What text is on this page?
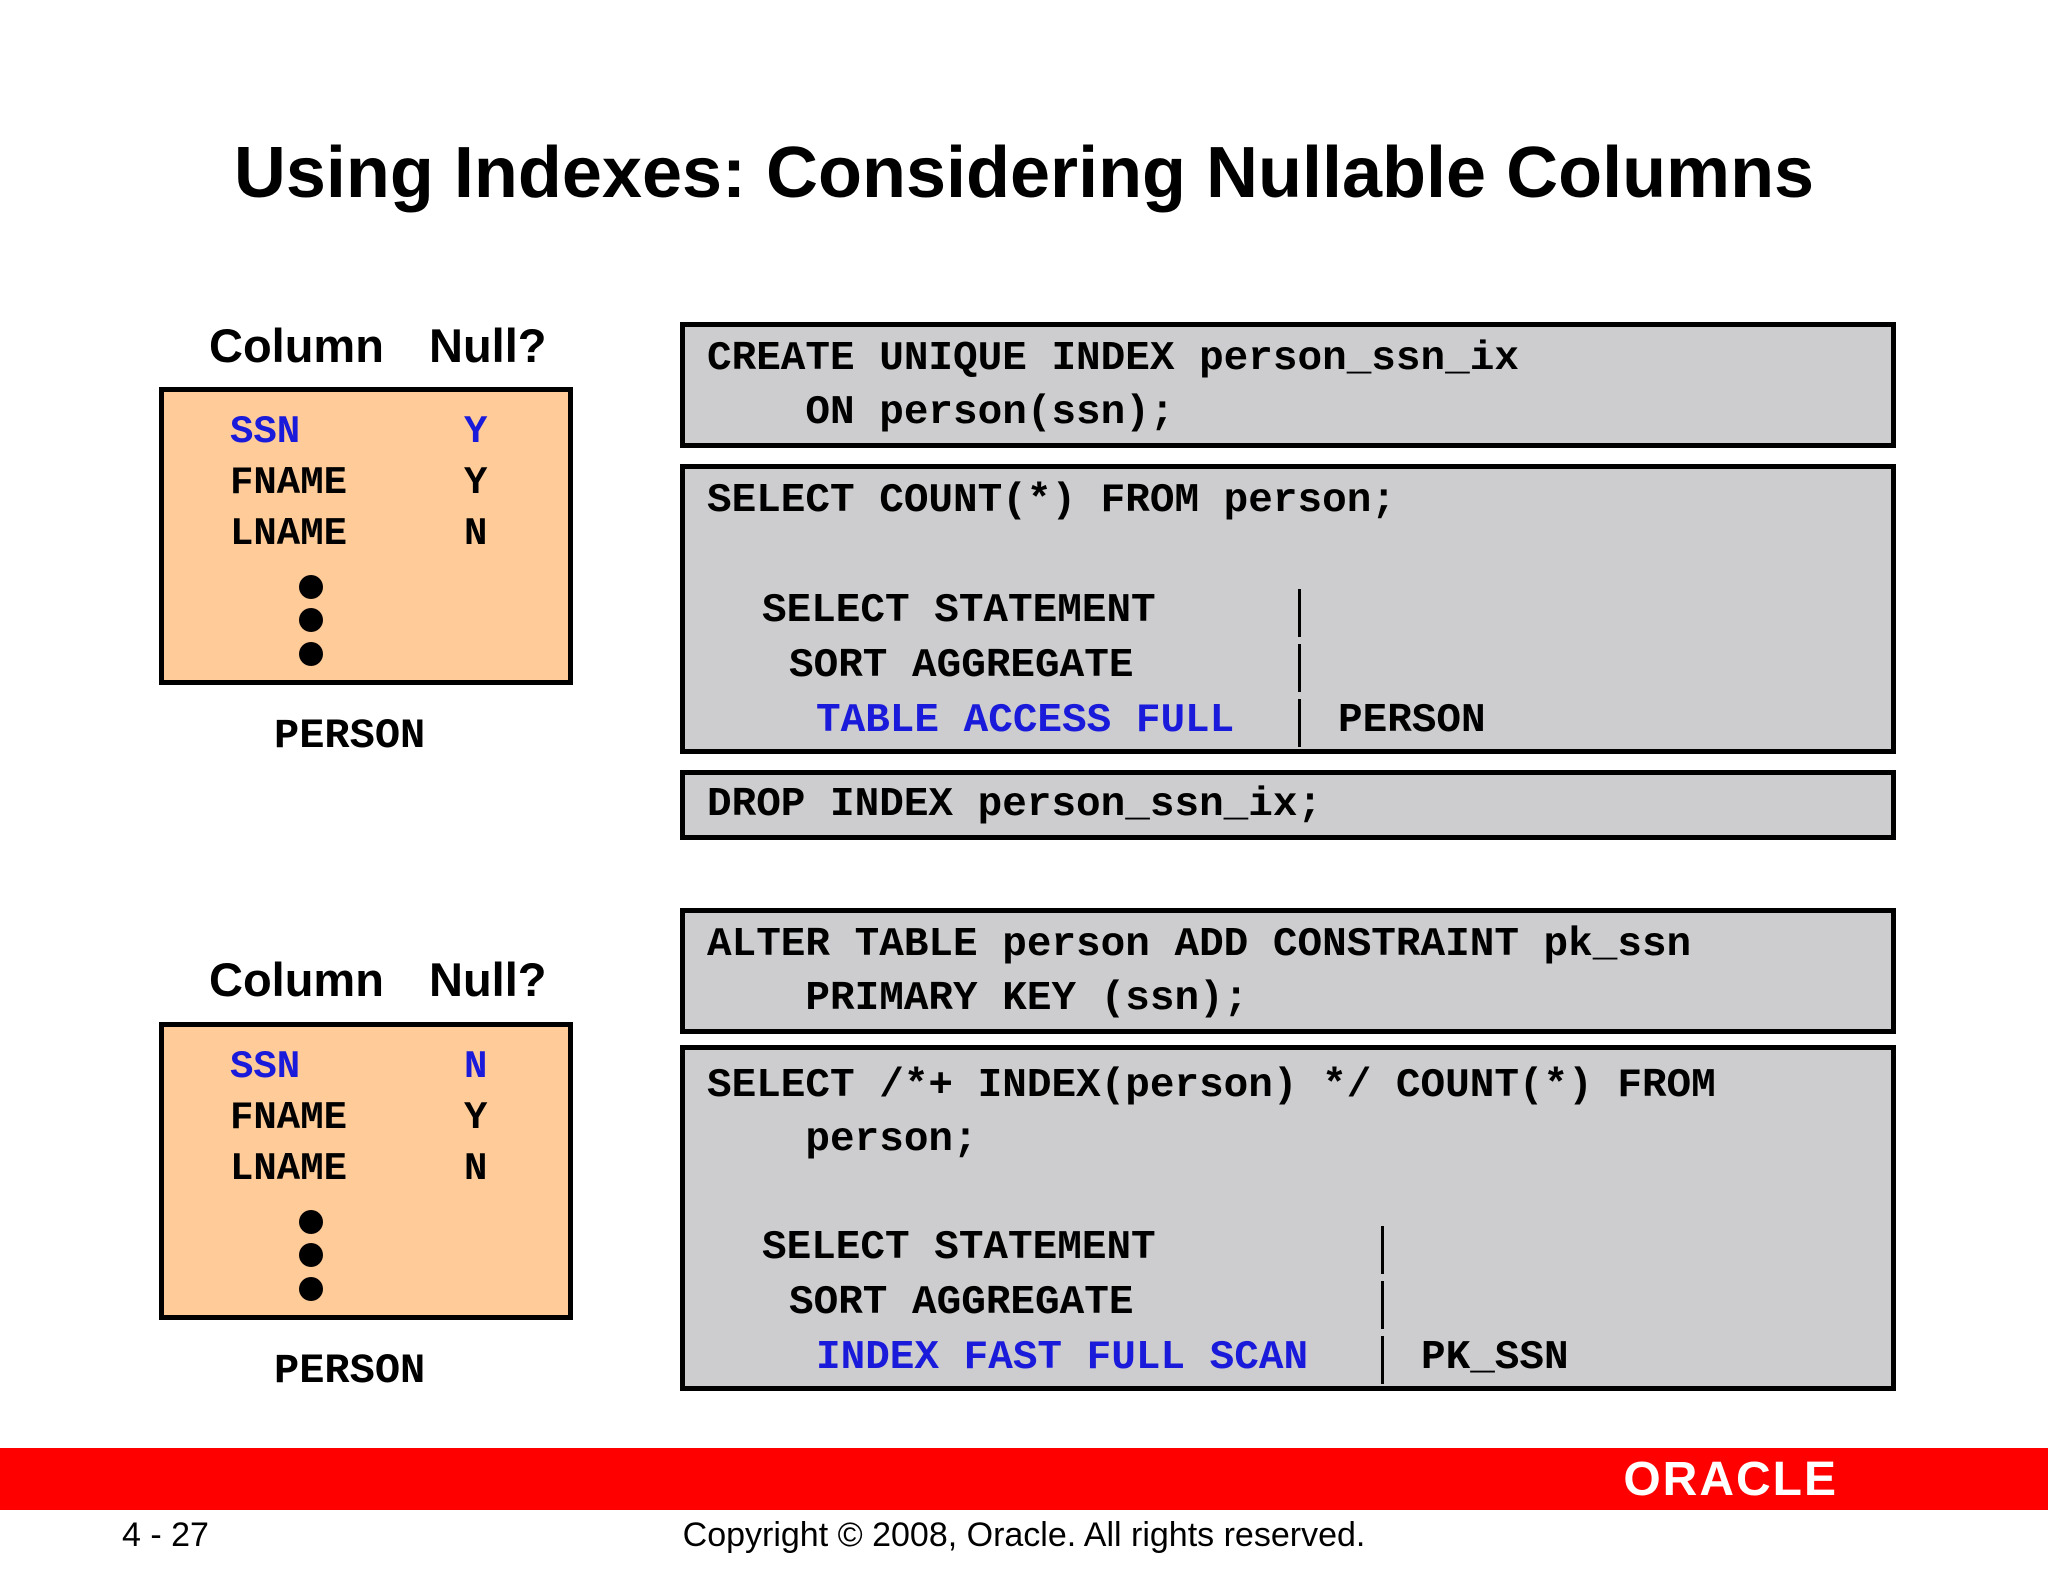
Using Indexes: Considering Nullable Columns
Column Null?
SSN	Y
FNAME	Y
LNAME	N
PERSON
CREATE UNIQUE INDEX person_ssn_ix
ON person(ssn);
SELECT COUNT(*) FROM person;
SELECT STATEMENT
SORT AGGREGATE
TABLE ACCESS FULL	PERSON
DROP INDEX person_ssn_ix;
Column Null?
SSN	N
FNAME	Y
LNAME	N
PERSON
ALTER TABLE person ADD CONSTRAINT pk_ssn
PRIMARY KEY (ssn);
SELECT /*+ INDEX(person) */ COUNT(*) FROM
person;
SELECT STATEMENT
SORT AGGREGATE
INDEX FAST FULL SCAN	PK_SSN
ORACLE
4 - 27	Copyright © 2008, Oracle. All rights reserved.
